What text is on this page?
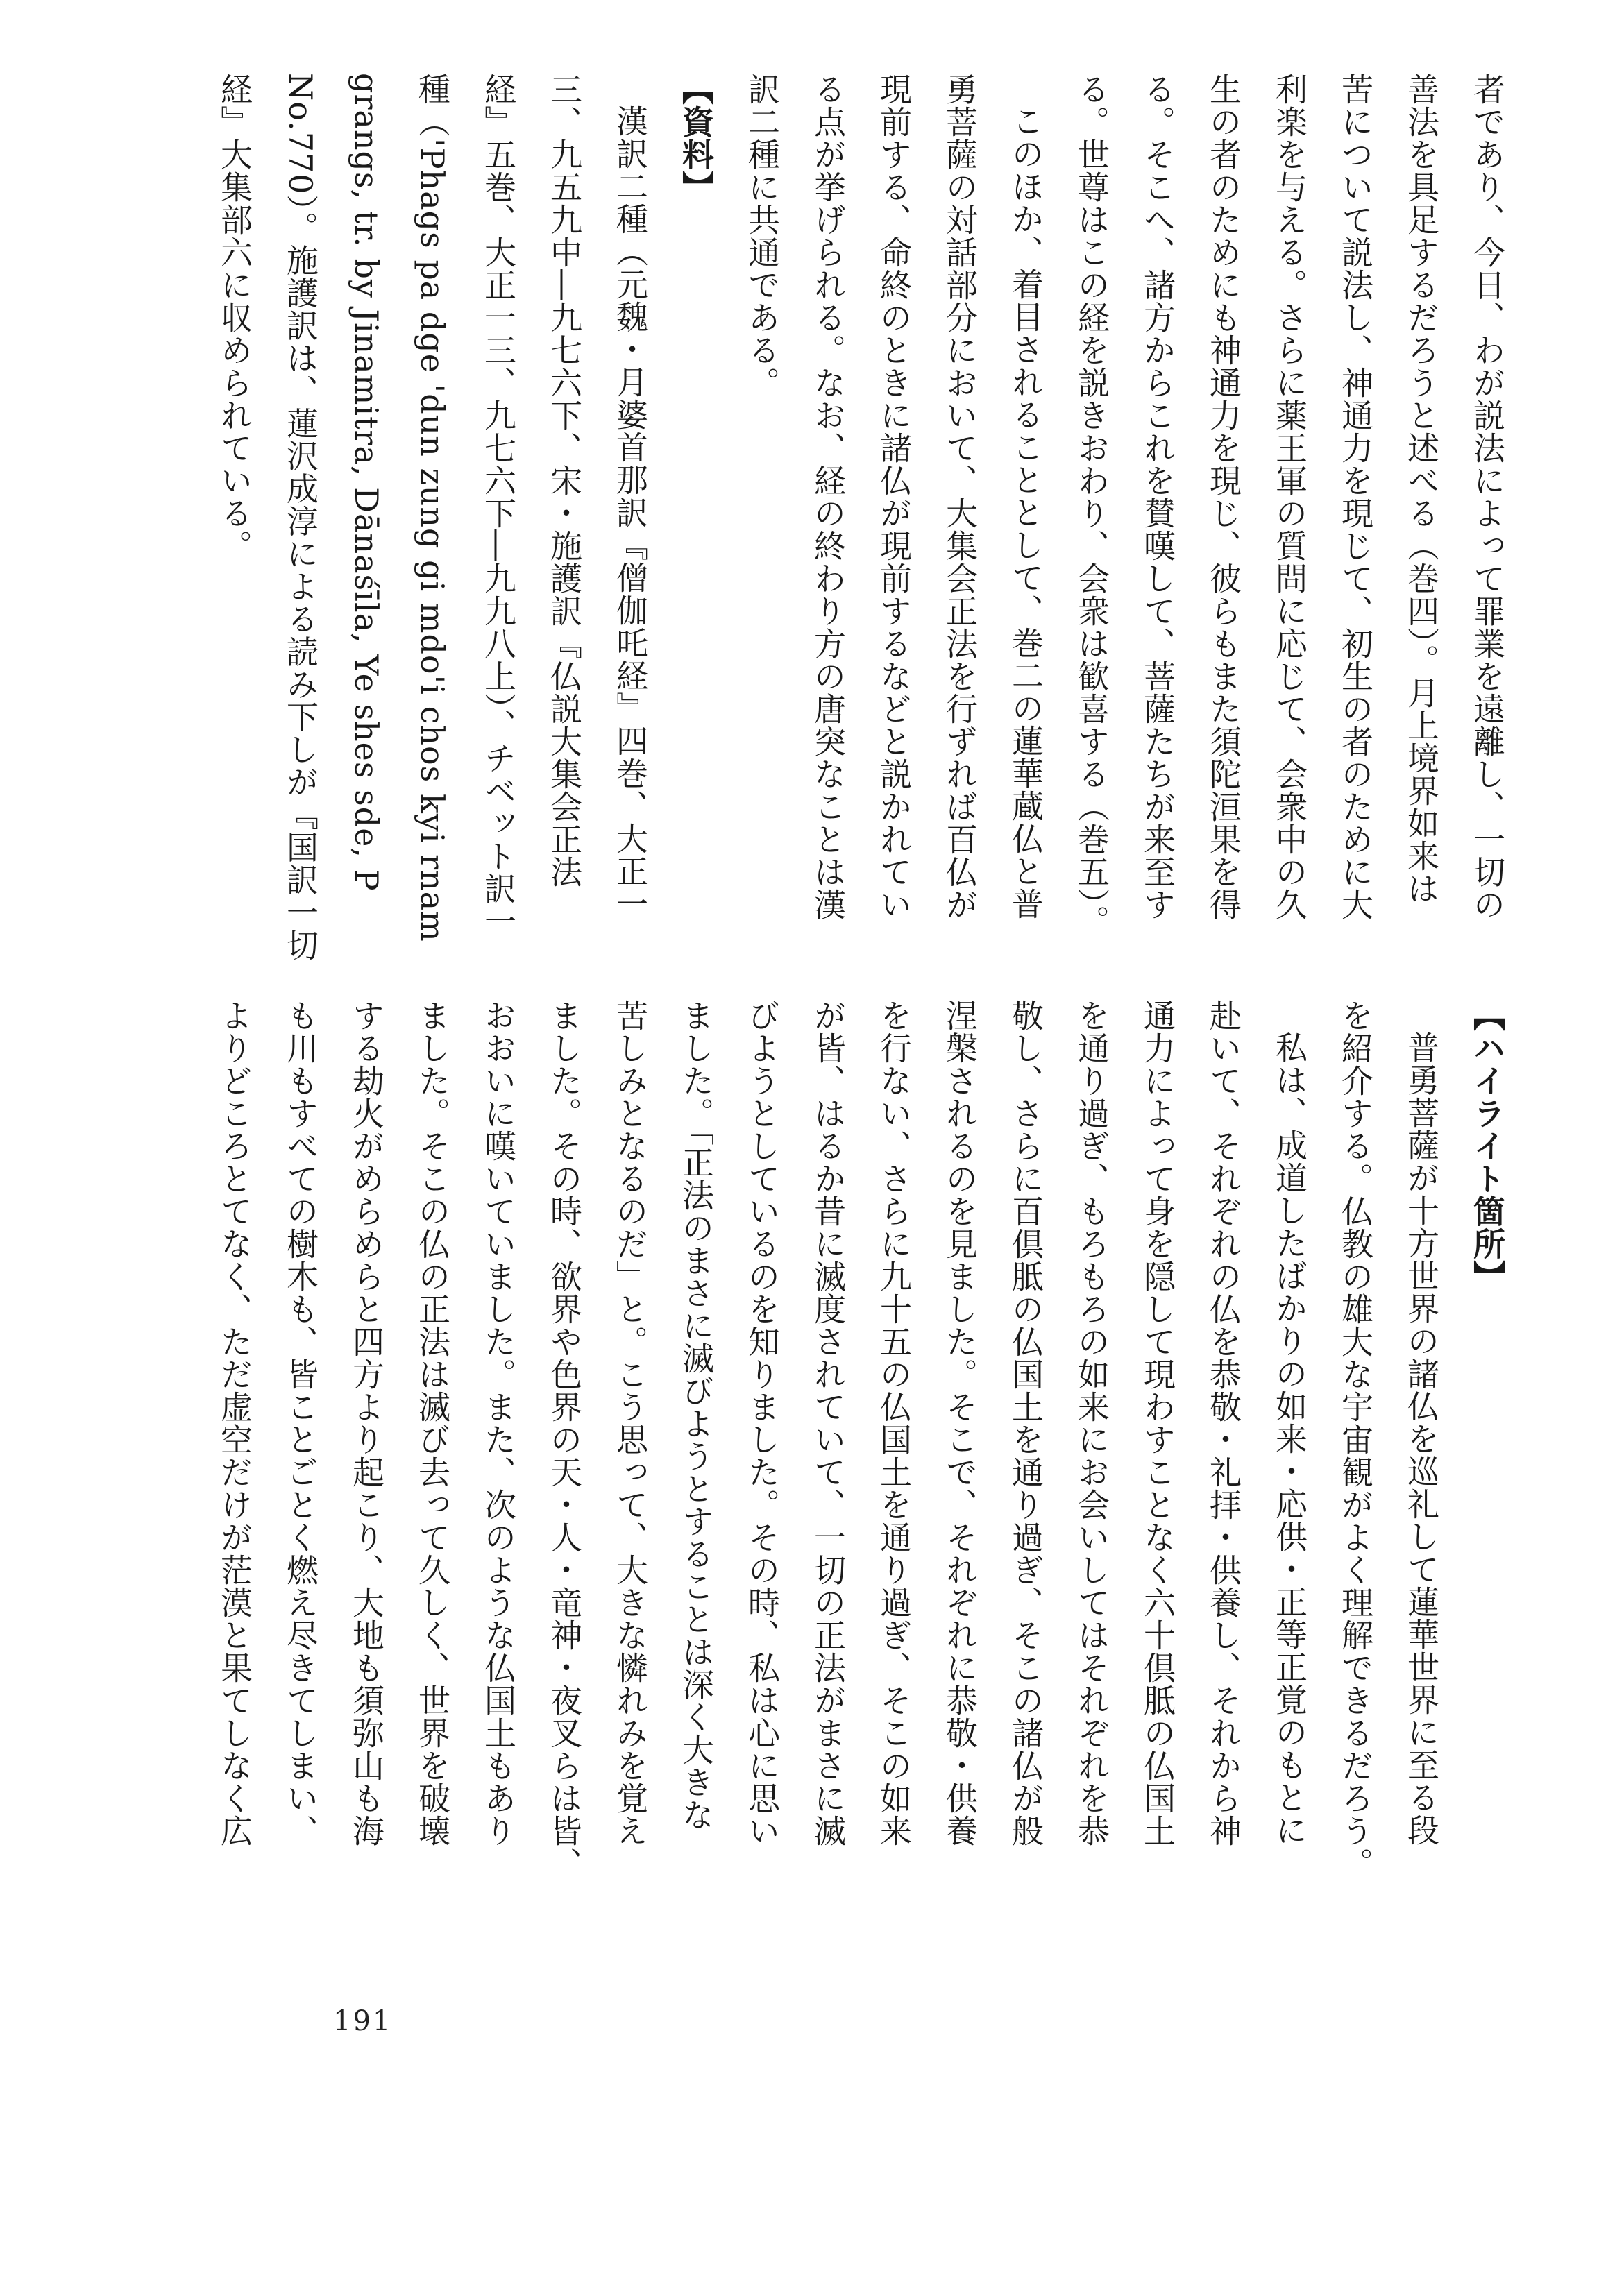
者であり、今日、わが説法によって罪業を遠離し、一切の
善法を具足するだろうと述べる（巻四）。月上境界如来は
苦について説法し、神通力を現じて、初生の者のために大
利楽を与える。さらに薬王軍の質問に応じて、会衆中の久
生の者のためにも神通力を現じ、彼らもまた須陀洹果を得
る。そこへ、諸方からこれを賛嘆して、菩薩たちが来至す
る。世尊はこの経を説きおわり、会衆は歓喜する（巻五）。
このほか、着目されることとして、巻二の蓮華蔵仏と普
勇菩薩の対話部分において、大集会正法を行ずれば百仏が
現前する、命終のときに諸仏が現前するなどと説かれてい
る点が挙げられる。なお、経の終わり方の唐突なことは漢
訳二種に共通である。
【資料】
漢訳二種（元魏・月婆首那訳『僧伽吒経』四巻、大正一
三、九五九中―九七六下、宋・施護訳『仏説大集会正法
経』五巻、大正一三、九七六下―九九八上）、チベット訳一
種（'Phags pa dge 'dun zung gi mdo'i chos kyi rnam
grangs, tr. by Jinamitra, Dānaśīla, Ye shes sde, P
No.770）。施護訳は、蓮沢成淳による読み下しが『国訳一切
経』大集部六に収められている。
【ハイライト箇所】
普勇菩薩が十方世界の諸仏を巡礼して蓮華世界に至る段
を紹介する。仏教の雄大な宇宙観がよく理解できるだろう。
私は、成道したばかりの如来・応供・正等正覚のもとに
赴いて、それぞれの仏を恭敬・礼拝・供養し、それから神
通力によって身を隠して現わすことなく六十倶胝の仏国土
を通り過ぎ、もろもろの如来にお会いしてはそれぞれを恭
敬し、さらに百倶胝の仏国土を通り過ぎ、そこの諸仏が般
涅槃されるのを見ました。そこで、それぞれに恭敬・供養
を行ない、さらに九十五の仏国土を通り過ぎ、そこの如来
が皆、はるか昔に滅度されていて、一切の正法がまさに滅
びようとしているのを知りました。その時、私は心に思い
ました。「正法のまさに滅びようとすることは深く大きな
苦しみとなるのだ」と。こう思って、大きな憐れみを覚え
ました。その時、欲界や色界の天・人・竜神・夜叉らは皆、
おおいに嘆いていました。また、次のような仏国土もあり
ました。そこの仏の正法は滅び去って久しく、世界を破壊
する劫火がめらめらと四方より起こり、大地も須弥山も海
も川もすべての樹木も、皆ことごとく燃え尽きてしまい、
よりどころとてなく、ただ虚空だけが茫漠と果てしなく広
191
